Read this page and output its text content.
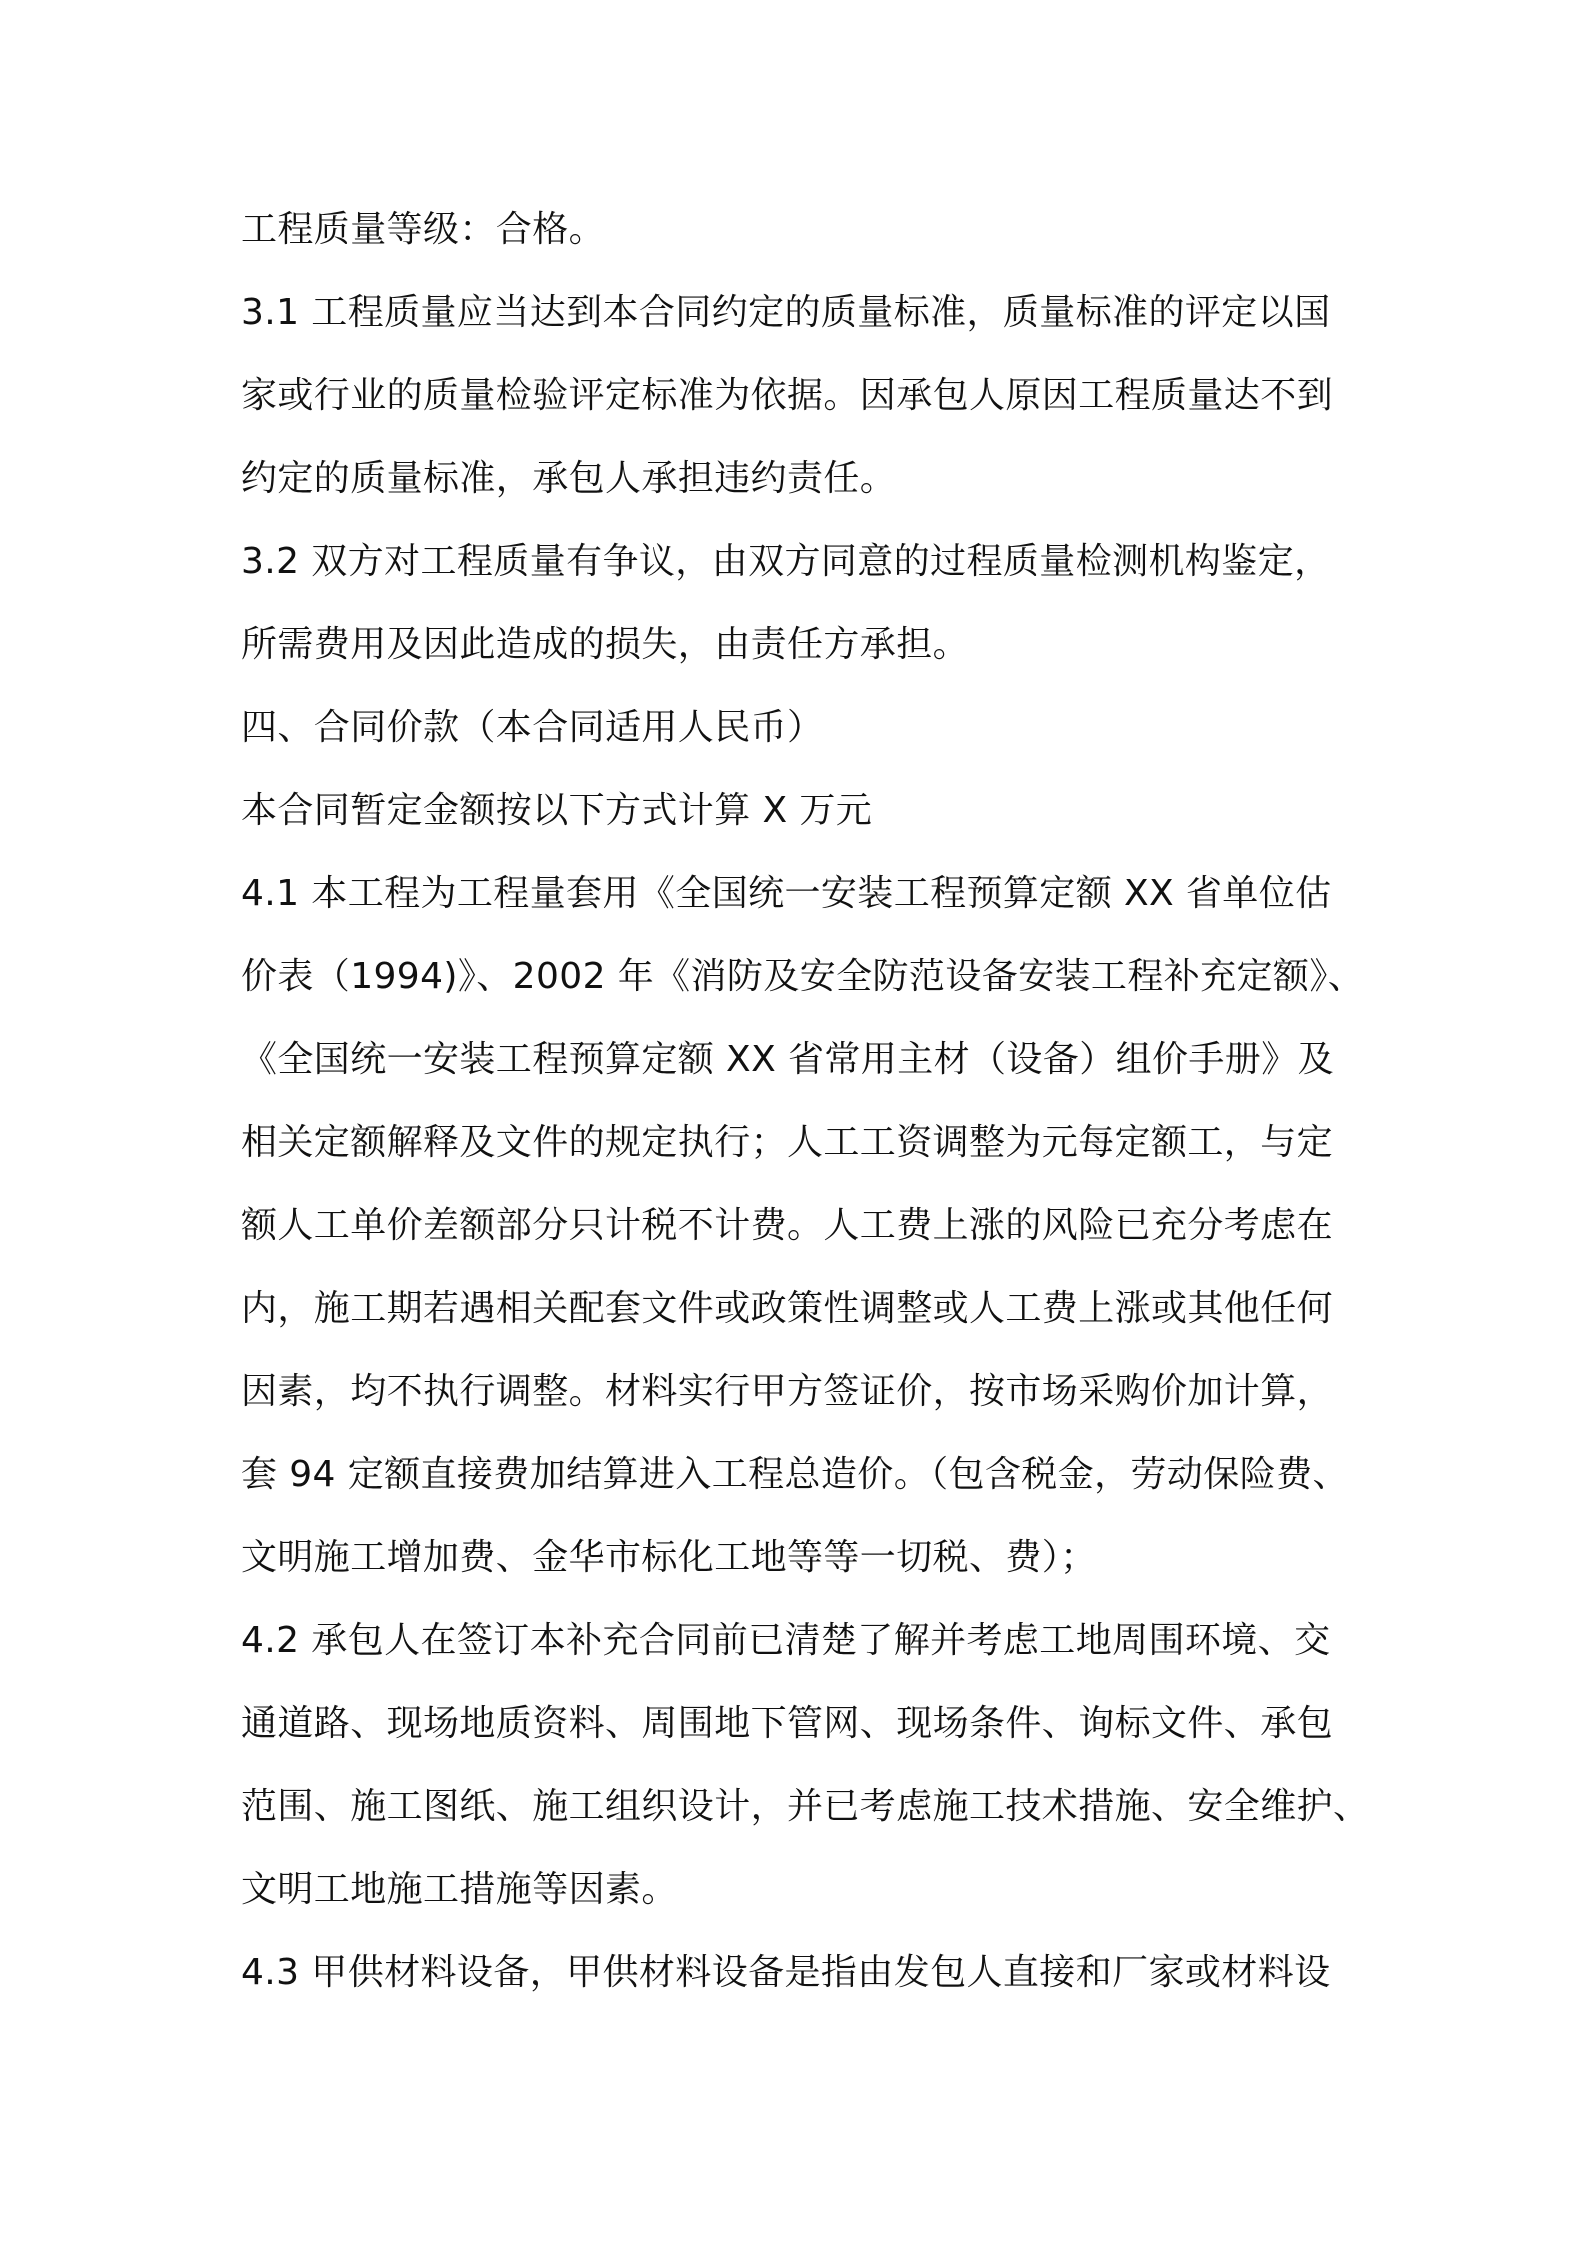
工程质量等级：合格。
3.1 工程质量应当达到本合同约定的质量标准，质量标准的评定以国
家或行业的质量检验评定标准为依据。因承包人原因工程质量达不到
约定的质量标准，承包人承担违约责任。
3.2 双方对工程质量有争议，由双方同意的过程质量检测机构鉴定，
所需费用及因此造成的损失，由责任方承担。
四、合同价款（本合同适用人民币）
本合同暂定金额按以下方式计算 X 万元
4.1 本工程为工程量套用《全国统一安装工程预算定额 XX 省单位估
价表（1994)》、2002 年《消防及安全防范设备安装工程补充定额》、
《全国统一安装工程预算定额 XX 省常用主材（设备）组价手册》及
相关定额解释及文件的规定执行；人工工资调整为元每定额工，与定
额人工单价差额部分只计税不计费。人工费上涨的风险已充分考虑在
内，施工期若遇相关配套文件或政策性调整或人工费上涨或其他任何
因素，均不执行调整。材料实行甲方签证价，按市场采购价加计算，
套 94 定额直接费加结算进入工程总造价。（包含税金，劳动保险费、
文明施工增加费、金华市标化工地等等一切税、费）；
4.2 承包人在签订本补充合同前已清楚了解并考虑工地周围环境、交
通道路、现场地质资料、周围地下管网、现场条件、询标文件、承包
范围、施工图纸、施工组织设计，并已考虑施工技术措施、安全维护、
文明工地施工措施等因素。
4.3 甲供材料设备，甲供材料设备是指由发包人直接和厂家或材料设
